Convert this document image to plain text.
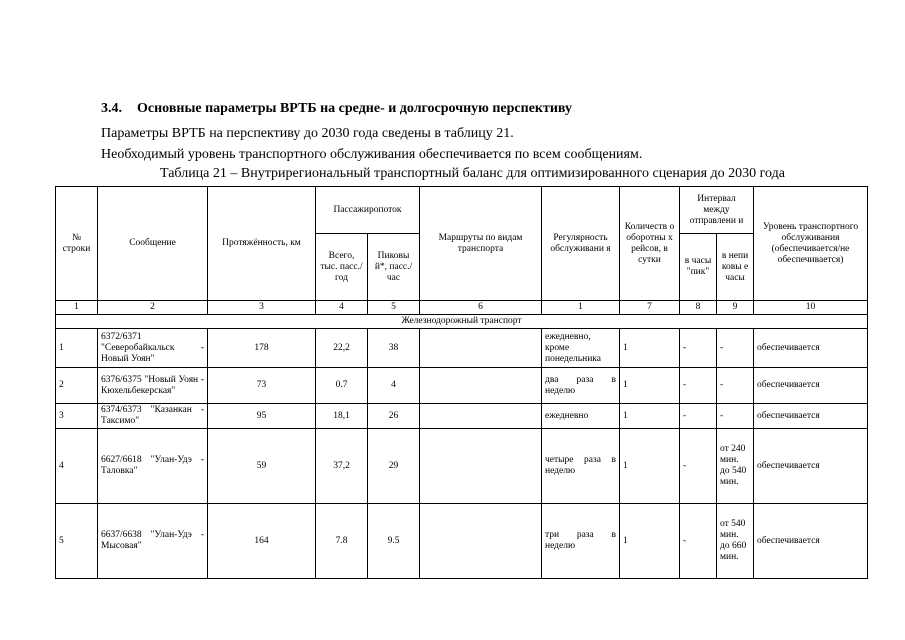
3.4. Основные параметры ВРТБ на средне- и долгосрочную перспективу
Параметры ВРТБ на перспективу до 2030 года сведены в таблицу 21.
Необходимый уровень транспортного обслуживания обеспечивается по всем сообщениям.
Таблица 21 – Внутрирегиональный транспортный баланс для оптимизированного сценария до 2030 года
№ строки	Сообщение	Протяжённость, км	Пассажиропоток		Маршруты по видам транспорта	Регулярность обслуживани я	Количеств о оборотны х рейсов, в сутки	Интервал между отправлени и		Уровень транспортного обслуживания (обеспечивается/не обеспечивается)
			Всего, тыс. пасс./год	Пиковы й*, пасс./час				в часы "пик"	в непи ковы е часы	
1	2	3	4	5	6	1	7	8	9	10
Железнодорожный транспорт										
1	6372/6371 "Северобайкальск - Новый Уоян"	178	22,2	38		ежедневно, кроме понедельника	1	-	-	обеспечивается
2	6376/6375 "Новый Уоян - Кюхельбекерская"	73	0.7	4		два раза в неделю	1	-	-	обеспечивается
3	6374/6373 "Казанкан - Таксимо"	95	18,1	26		ежедневно	1	-	-	обеспечивается
4	6627/6618 "Улан-Удэ - Таловка"	59	37,2	29		четыре раза в неделю	1	-	от 240 мин. до 540 мин.	обеспечивается
5	6637/6638 "Улан-Удэ - Мысовая"	164	7.8	9.5		три раза в неделю	1	-	от 540 мин. до 660 мин.	обеспечивается
